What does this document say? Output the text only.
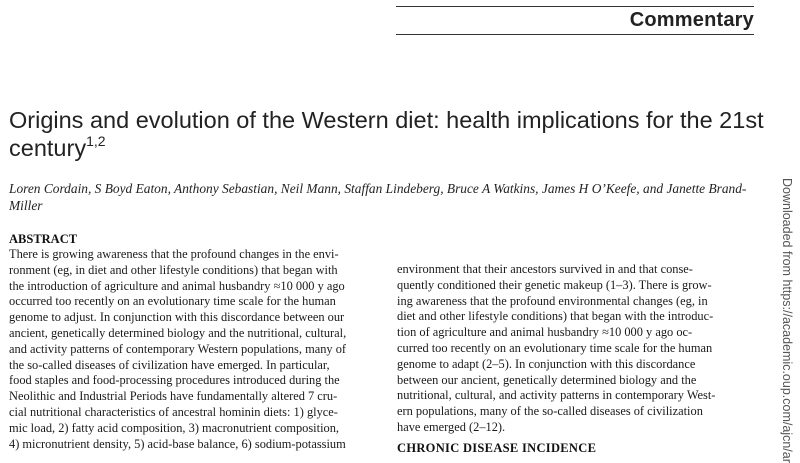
Commentary
Origins and evolution of the Western diet: health implications for the 21st century$^{1,2}$
Loren Cordain, S Boyd Eaton, Anthony Sebastian, Neil Mann, Staffan Lindeberg, Bruce A Watkins, James H O’Keefe, and Janette Brand-Miller
ABSTRACT
There is growing awareness that the profound changes in the envi-
ronment (eg, in diet and other lifestyle conditions) that began with
the introduction of agriculture and animal husbandry ≈10 000 y ago
occurred too recently on an evolutionary time scale for the human
genome to adjust. In conjunction with this discordance between our
ancient, genetically determined biology and the nutritional, cultural,
and activity patterns of contemporary Western populations, many of
the so-called diseases of civilization have emerged. In particular,
food staples and food-processing procedures introduced during the
Neolithic and Industrial Periods have fundamentally altered 7 cru-
cial nutritional characteristics of ancestral hominin diets: 1) glyce-
mic load, 2) fatty acid composition, 3) macronutrient composition,
4) micronutrient density, 5) acid-base balance, 6) sodium-potassium
environment that their ancestors survived in and that conse-
quently conditioned their genetic makeup (1–3). There is grow-
ing awareness that the profound environmental changes (eg, in
diet and other lifestyle conditions) that began with the introduc-
tion of agriculture and animal husbandry ≈10 000 y ago oc-
curred too recently on an evolutionary time scale for the human
genome to adapt (2–5). In conjunction with this discordance
between our ancient, genetically determined biology and the
nutritional, cultural, and activity patterns in contemporary West-
ern populations, many of the so-called diseases of civilization
have emerged (2–12).
CHRONIC DISEASE INCIDENCE	Downloaded from https://academic.oup.com/ajcn/ar
